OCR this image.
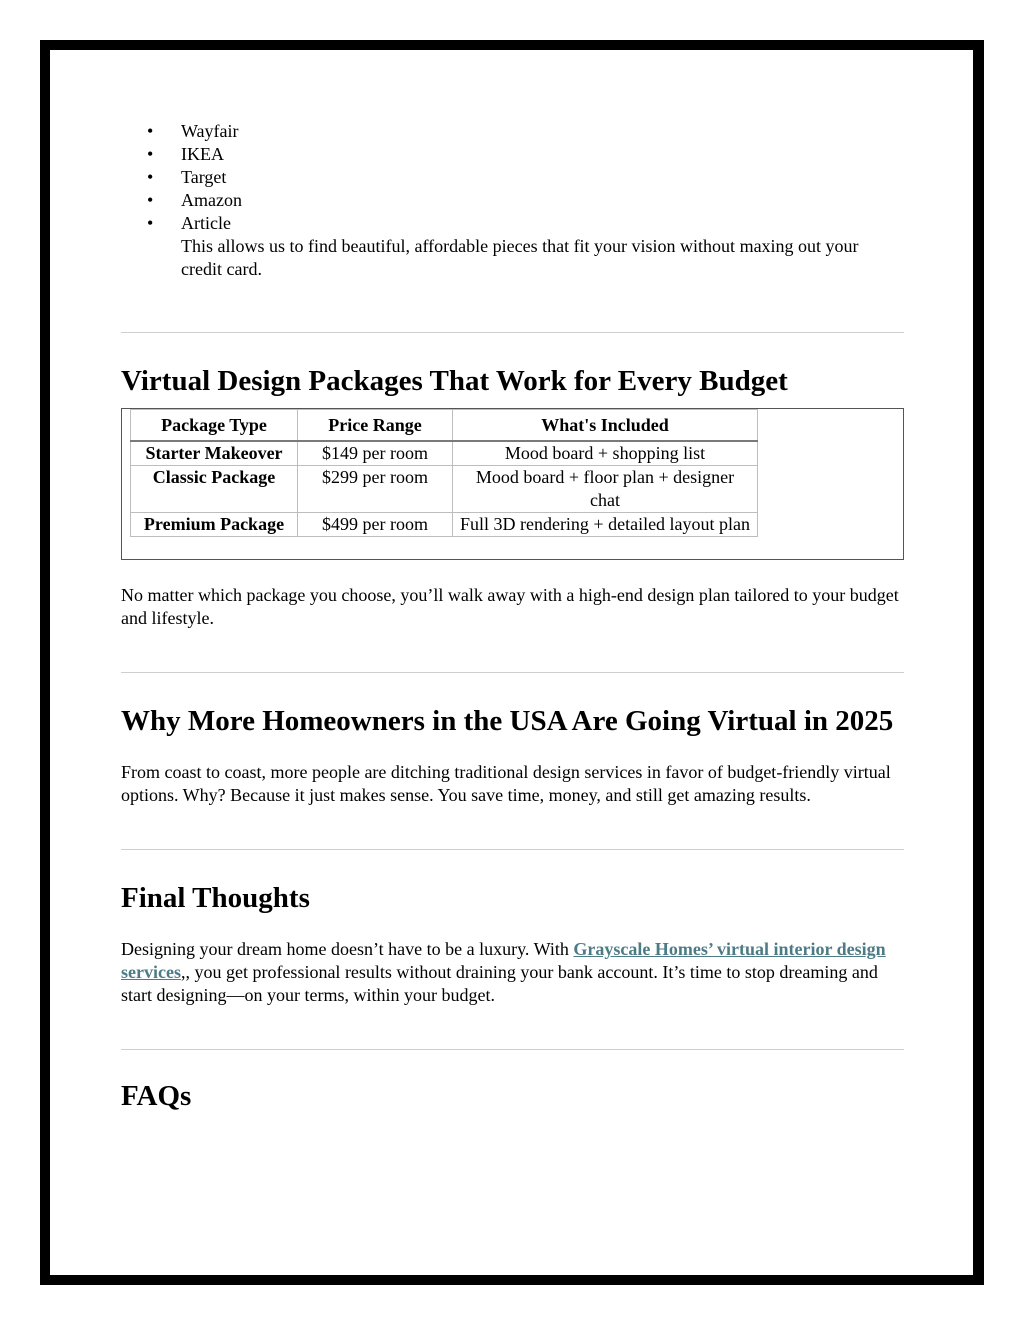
• Wayfair
• IKEA
• Target
• Amazon
• Article
This allows us to find beautiful, affordable pieces that fit your vision without maxing out your credit card.
Virtual Design Packages That Work for Every Budget
Package Type	Price Range	What's Included
Starter Makeover	$149 per room	Mood board + shopping list
Classic Package	$299 per room	Mood board + floor plan + designer chat
Premium Package	$499 per room	Full 3D rendering + detailed layout plan

No matter which package you choose, you’ll walk away with a high-end design plan tailored to your budget and lifestyle.

Why More Homeowners in the USA Are Going Virtual in 2025

From coast to coast, more people are ditching traditional design services in favor of budget-friendly virtual options. Why? Because it just makes sense. You save time, money, and still get amazing results.

Final Thoughts

Designing your dream home doesn’t have to be a luxury. With Grayscale Homes’ virtual interior design services,, you get professional results without draining your bank account. It’s time to stop dreaming and start designing—on your terms, within your budget.

FAQs
